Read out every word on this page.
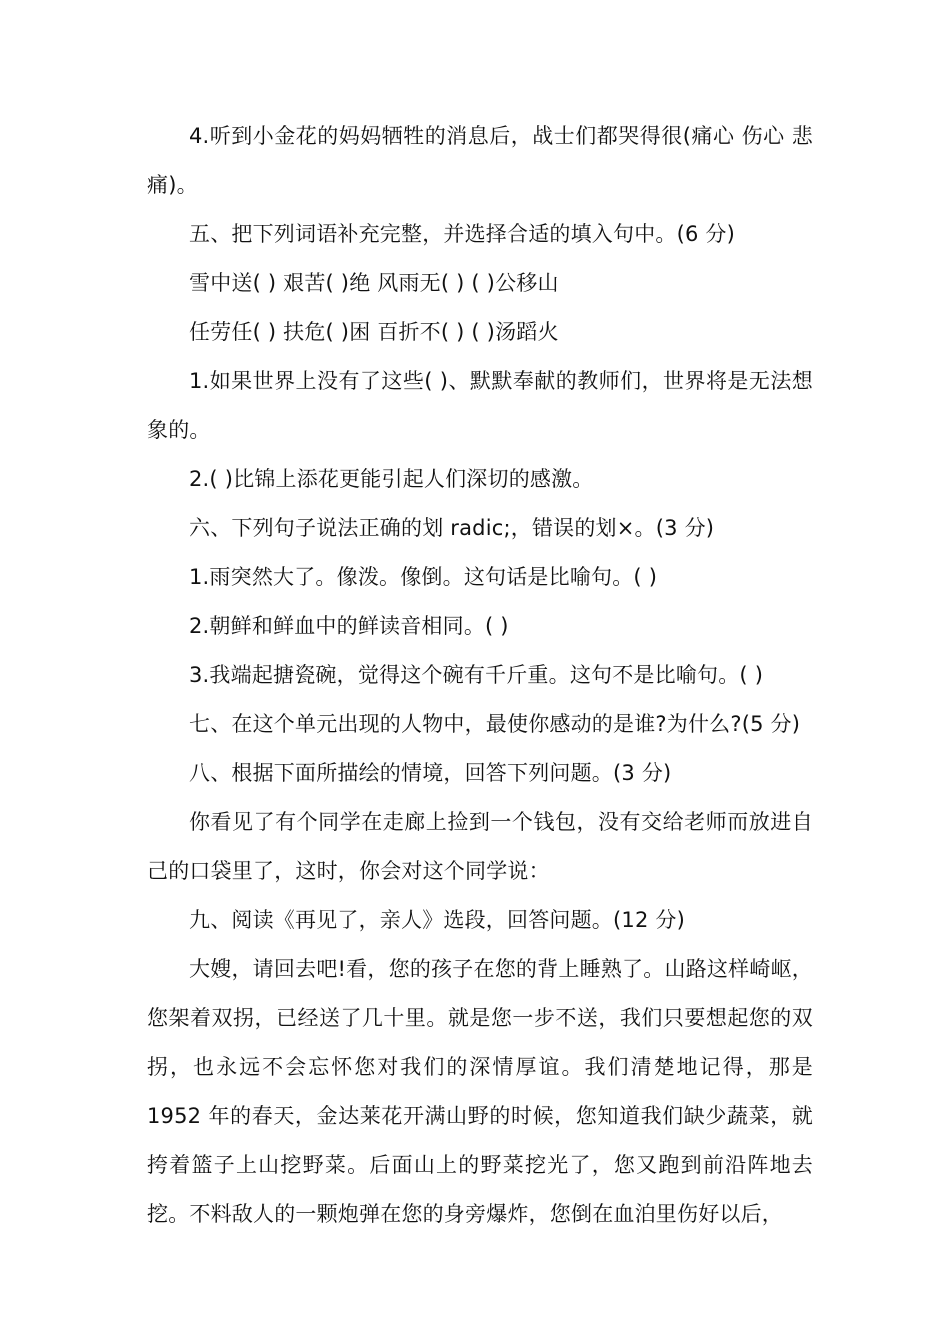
4.听到小金花的妈妈牺牲的消息后，战士们都哭得很(痛心 伤心 悲痛)。

五、把下列词语补充完整，并选择合适的填入句中。(6 分)

雪中送( ) 艰苦( )绝 风雨无( ) ( )公移山

任劳任( ) 扶危( )困 百折不( ) ( )汤蹈火

1.如果世界上没有了这些( )、默默奉献的教师们，世界将是无法想象的。

2.( )比锦上添花更能引起人们深切的感激。

六、下列句子说法正确的划 radic;，错误的划×。(3 分)

1.雨突然大了。像泼。像倒。这句话是比喻句。( )

2.朝鲜和鲜血中的鲜读音相同。( )

3.我端起搪瓷碗，觉得这个碗有千斤重。这句不是比喻句。( )

七、在这个单元出现的人物中，最使你感动的是谁?为什么?(5 分)

八、根据下面所描绘的情境，回答下列问题。(3 分)

你看见了有个同学在走廊上捡到一个钱包，没有交给老师而放进自己的口袋里了，这时，你会对这个同学说：

九、阅读《再见了，亲人》选段，回答问题。(12 分)

大嫂，请回去吧!看，您的孩子在您的背上睡熟了。山路这样崎岖，您架着双拐，已经送了几十里。就是您一步不送，我们只要想起您的双拐，也永远不会忘怀您对我们的深情厚谊。我们清楚地记得，那是 1952 年的春天，金达莱花开满山野的时候，您知道我们缺少蔬菜，就挎着篮子上山挖野菜。后面山上的野菜挖光了，您又跑到前沿阵地去挖。不料敌人的一颗炮弹在您的身旁爆炸，您倒在血泊里伤好以后，
